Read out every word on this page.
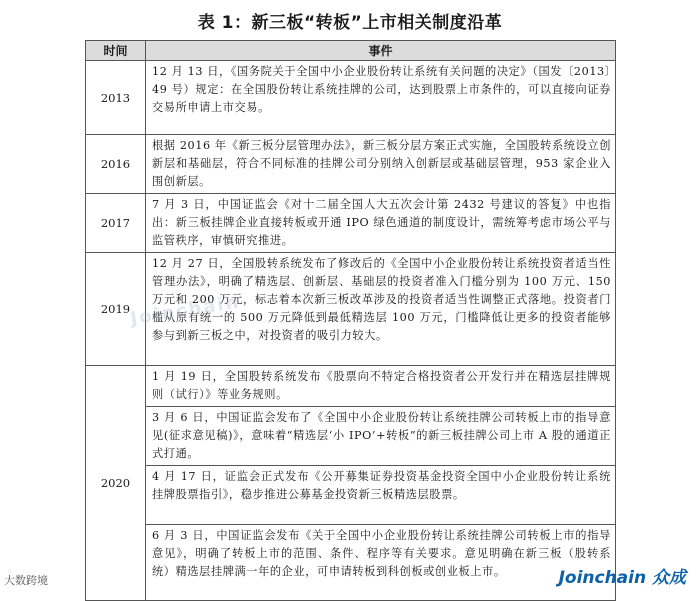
表 1：新三板“转板”上市相关制度沿革
时间	事件
2013	12 月 13 日，《国务院关于全国中小企业股份转让系统有关问题的决定》（国发〔2013〕49 号）规定：在全国股份转让系统挂牌的公司，达到股票上市条件的，可以直接向证券交易所申请上市交易。
2016	根据 2016 年《新三板分层管理办法》，新三板分层方案正式实施，全国股转系统设立创新层和基础层，符合不同标准的挂牌公司分别纳入创新层或基础层管理，953 家企业入围创新层。
2017	7 月 3 日，中国证监会《对十二届全国人大五次会计第 2432 号建议的答复》中也指出：新三板挂牌企业直接转板或开通 IPO 绿色通道的制度设计，需统筹考虑市场公平与监管秩序，审慎研究推进。
2019	12 月 27 日，全国股转系统发布了修改后的《全国中小企业股份转让系统投资者适当性管理办法》，明确了精选层、创新层、基础层的投资者准入门槛分别为 100 万元、150 万元和 200 万元，标志着本次新三板改革涉及的投资者适当性调整正式落地。投资者门槛从原有统一的 500 万元降低到最低精选层 100 万元，门槛降低让更多的投资者能够参与到新三板之中，对投资者的吸引力较大。
2020	1 月 19 日，全国股转系统发布《股票向不特定合格投资者公开发行并在精选层挂牌规则（试行）》等业务规则。
	3 月 6 日，中国证监会发布了《全国中小企业股份转让系统挂牌公司转板上市的指导意见(征求意见稿)》，意味着“精选层‘小 IPO’+转板”的新三板挂牌公司上市 A 股的通道正式打通。
	4 月 17 日，证监会正式发布《公开募集证券投资基金投资全国中小企业股份转让系统挂牌股票指引》，稳步推进公募基金投资新三板精选层股票。
	6 月 3 日，中国证监会发布《关于全国中小企业股份转让系统挂牌公司转板上市的指导意见》，明确了转板上市的范围、条件、程序等有关要求。意见明确在新三板（股转系统）精选层挂牌满一年的企业，可申请转板到科创板或创业板上市。
Joinchain
大数跨境	Joinchain 众成
